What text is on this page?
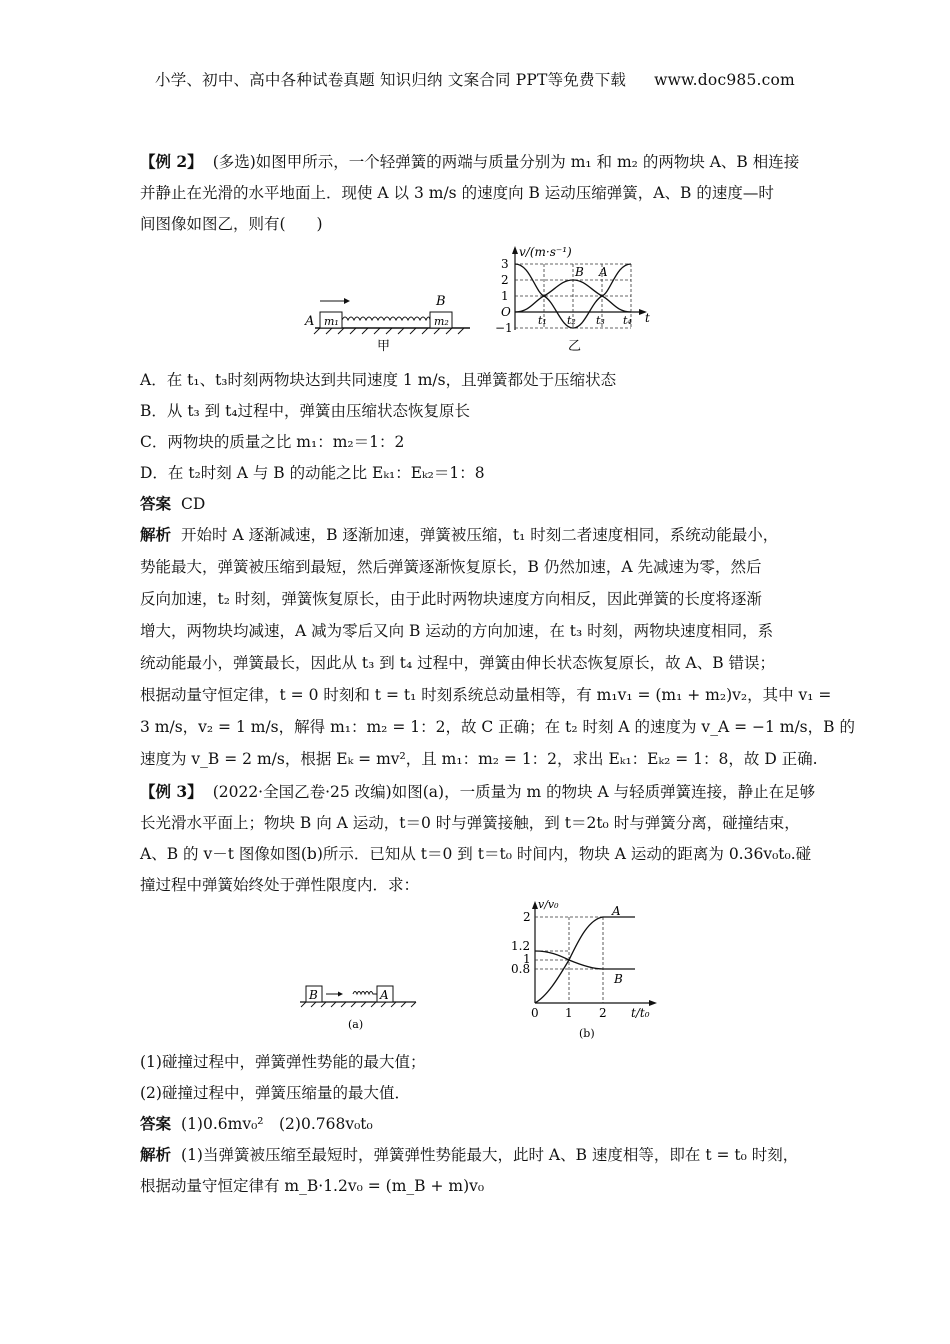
小学、初中、高中各种试卷真题 知识归纳 文案合同 PPT等免费下载 www.doc985.com
【例 2】 (多选)如图甲所示，一个轻弹簧的两端与质量分别为 m₁ 和 m₂ 的两物块 A、B 相连接
并静止在光滑的水平地面上．现使 A 以 3 m/s 的速度向 B 运动压缩弹簧，A、B 的速度—时
间图像如图乙，则有(　　)
m₁	m₂
A
B
甲
v/(m·s⁻¹)
3
2
1
O
−1
t₁ t₂ t₃ t₄ t
B A
乙
A．在 t₁、t₃时刻两物块达到共同速度 1 m/s，且弹簧都处于压缩状态
B．从 t₃ 到 t₄过程中，弹簧由压缩状态恢复原长
C．两物块的质量之比 m₁：m₂＝1：2
D．在 t₂时刻 A 与 B 的动能之比 Eₖ₁：Eₖ₂＝1：8
答案 CD
解析 开始时 A 逐渐减速，B 逐渐加速，弹簧被压缩，t₁ 时刻二者速度相同，系统动能最小，
势能最大，弹簧被压缩到最短，然后弹簧逐渐恢复原长，B 仍然加速，A 先减速为零，然后
反向加速，t₂ 时刻，弹簧恢复原长，由于此时两物块速度方向相反，因此弹簧的长度将逐渐
增大，两物块均减速，A 减为零后又向 B 运动的方向加速，在 t₃ 时刻，两物块速度相同，系
统动能最小，弹簧最长，因此从 t₃ 到 t₄ 过程中，弹簧由伸长状态恢复原长，故 A、B 错误；
根据动量守恒定律，t = 0 时刻和 t = t₁ 时刻系统总动量相等，有 m₁v₁ = (m₁ + m₂)v₂，其中 v₁ =
3 m/s，v₂ = 1 m/s，解得 m₁：m₂ = 1：2，故 C 正确；在 t₂ 时刻 A 的速度为 v_A = −1 m/s，B 的
速度为 v_B = 2 m/s，根据 Eₖ = mv²，且 m₁：m₂ = 1：2，求出 Eₖ₁：Eₖ₂ = 1：8，故 D 正确.
【例 3】 (2022·全国乙卷·25 改编)如图(a)，一质量为 m 的物块 A 与轻质弹簧连接，静止在足够
长光滑水平面上；物块 B 向 A 运动，t＝0 时与弹簧接触，到 t＝2t₀ 时与弹簧分离，碰撞结束，
A、B 的 v－t 图像如图(b)所示．已知从 t＝0 到 t＝t₀ 时间内，物块 A 运动的距离为 0.36v₀t₀.碰
撞过程中弹簧始终处于弹性限度内．求：
B	A
(a)
v/v₀
2
1.2
1
0.8
0 1 2 t/t₀
A
B
(b)
(1)碰撞过程中，弹簧弹性势能的最大值；
(2)碰撞过程中，弹簧压缩量的最大值．
答案 (1)0.6mv₀²　(2)0.768v₀t₀
解析 (1)当弹簧被压缩至最短时，弹簧弹性势能最大，此时 A、B 速度相等，即在 t = t₀ 时刻，
根据动量守恒定律有 m_B·1.2v₀ = (m_B + m)v₀
